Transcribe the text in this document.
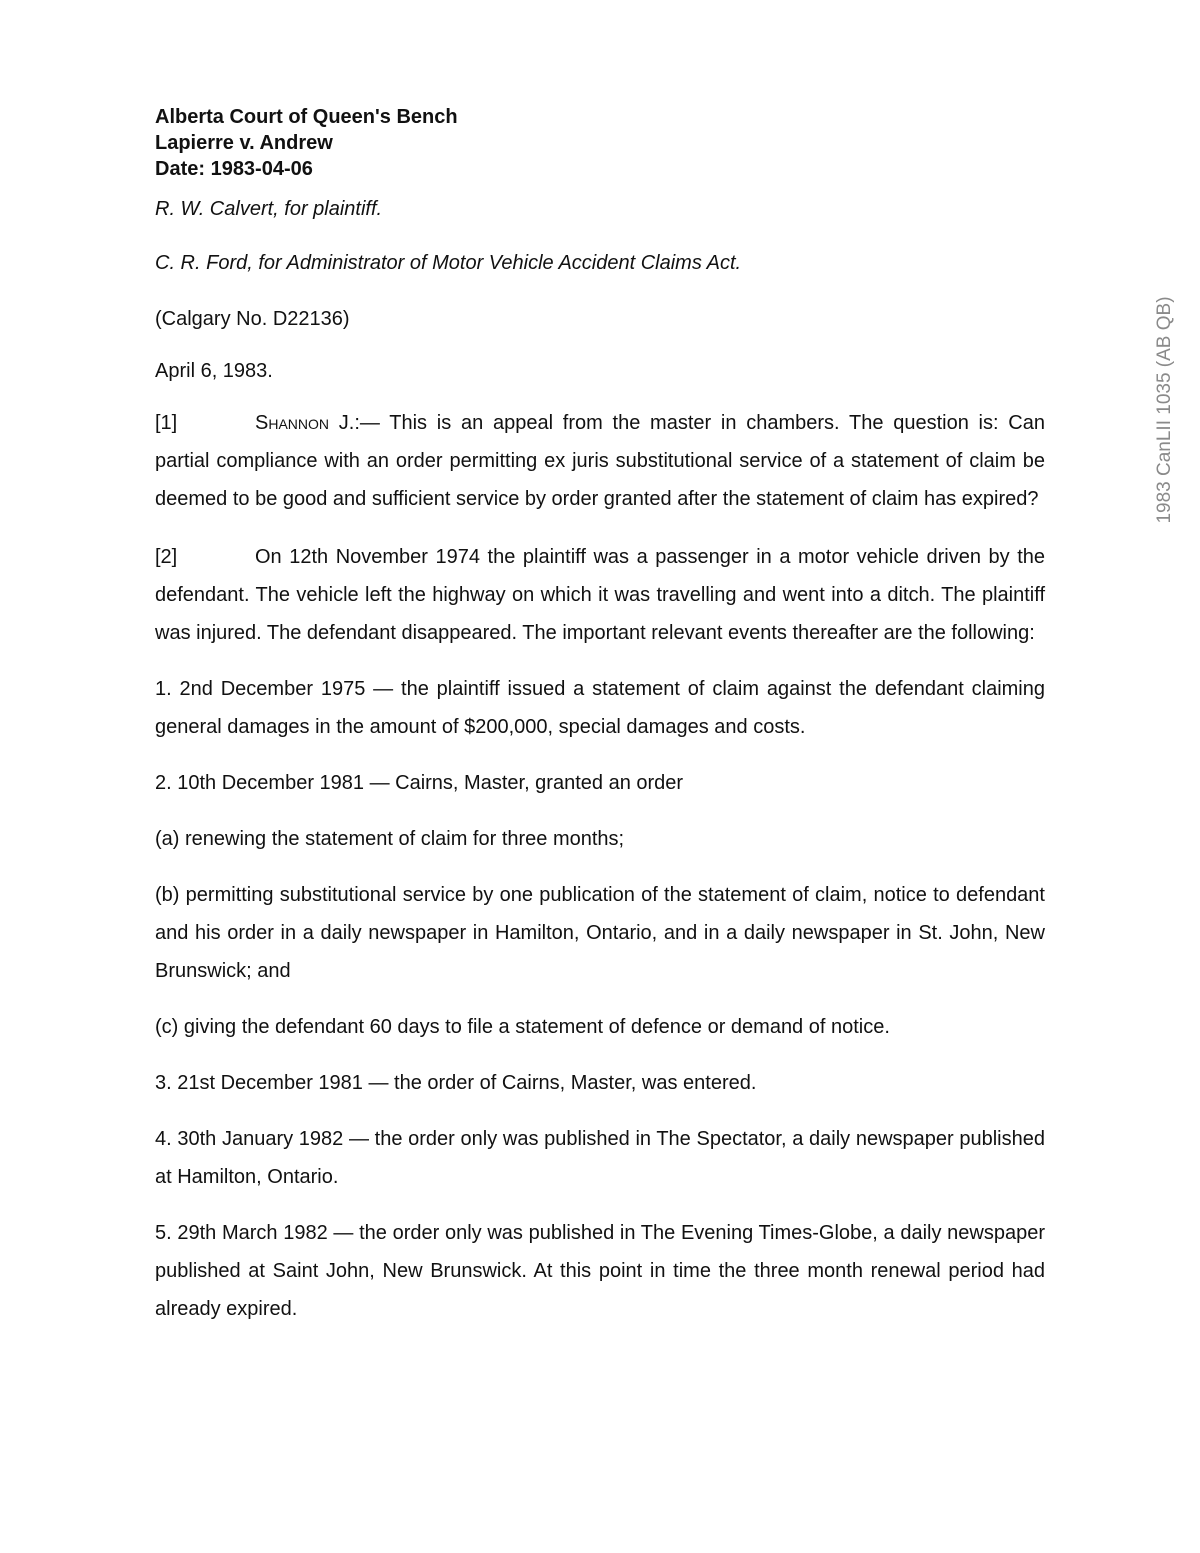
Alberta Court of Queen's Bench

Lapierre v. Andrew

Date: 1983-04-06

R. W. Calvert, for plaintiff.

C. R. Ford, for Administrator of Motor Vehicle Accident Claims Act.

(Calgary No. D22136)

April 6, 1983.

[1]	Shannon J.:— This is an appeal from the master in chambers. The question is: Can partial compliance with an order permitting ex juris substitutional service of a statement of claim be deemed to be good and sufficient service by order granted after the statement of claim has expired?

[2]	On 12th November 1974 the plaintiff was a passenger in a motor vehicle driven by the defendant. The vehicle left the highway on which it was travelling and went into a ditch. The plaintiff was injured. The defendant disappeared. The important relevant events thereafter are the following:

1. 2nd December 1975 — the plaintiff issued a statement of claim against the defendant claiming general damages in the amount of $200,000, special damages and costs.

2. 10th December 1981 — Cairns, Master, granted an order

(a) renewing the statement of claim for three months;

(b) permitting substitutional service by one publication of the statement of claim, notice to defendant and his order in a daily newspaper in Hamilton, Ontario, and in a daily newspaper in St. John, New Brunswick; and

(c) giving the defendant 60 days to file a statement of defence or demand of notice.

3. 21st December 1981 — the order of Cairns, Master, was entered.

4. 30th January 1982 — the order only was published in The Spectator, a daily newspaper published at Hamilton, Ontario.

5. 29th March 1982 — the order only was published in The Evening Times-Globe, a daily newspaper published at Saint John, New Brunswick. At this point in time the three month renewal period had already expired.

1983 CanLII 1035 (AB QB)
